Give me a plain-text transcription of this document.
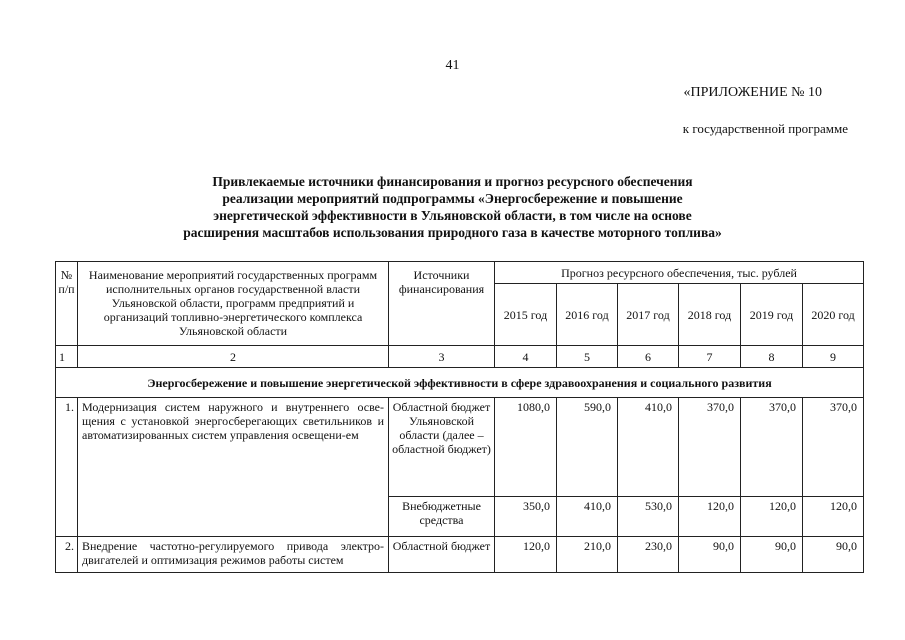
41
«ПРИЛОЖЕНИЕ № 10
к государственной программе
Привлекаемые источники финансирования и прогноз ресурсного обеспечения
реализации мероприятий подпрограммы «Энергосбережение и повышение
энергетической эффективности в Ульяновской области, в том числе на основе
расширения масштабов использования природного газа в качестве моторного топлива»
№ п/п	Наименование мероприятий государственных программ исполнительных органов государственной власти Ульяновской области, программ предприятий и организаций топливно-энергетического комплекса Ульяновской области	Источники финансирования	Прогноз ресурсного обеспечения, тыс. рублей					
			2015 год	2016 год	2017 год	2018 год	2019 год	2020 год
1	2	3	4	5	6	7	8	9
Энергосбережение и повышение энергетической эффективности в сфере здравоохранения и социального развития								
1.	Модернизация систем наружного и внутреннего осве-щения с установкой энергосберегающих светильников и автоматизированных систем управления освещени-ем	Областной бюджет Ульяновской области (далее – областной бюджет)	1080,0	590,0	410,0	370,0	370,0	370,0
		Внебюджетные средства	350,0	410,0	530,0	120,0	120,0	120,0
2.	Внедрение частотно-регулируемого привода электро-двигателей и оптимизация режимов работы систем	Областной бюджет	120,0	210,0	230,0	90,0	90,0	90,0
